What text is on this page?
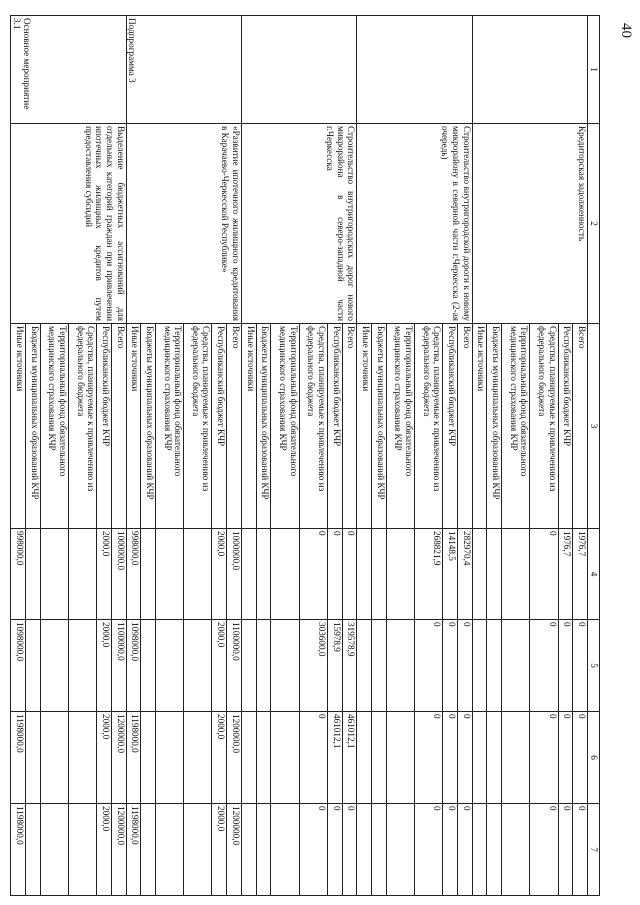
40
1	2	3	4	5	6	7
	Кредиторская задолженность	Всего	1976,7	0	0	0
		Республиканский бюджет КЧР	1976,7	0	0	0
		Средства, планируемые к привлечению из федерального бюджета	0	0	0	0
		Территориальный фонд обязательного медицинского страхования КЧР				
		Бюджеты муниципальных образований КЧР				
		Иные источники				
	Строительство внутригородской дороги к новому микрорайону в северной части г.Черкесска (2-ая очередь)	Всего	282970,4	0	0	0
		Республиканский бюджет КЧР	14148,5	0	0	0
		Средства, планируемые к привлечению из федерального бюджета	268821,9	0	0	0
		Территориальный фонд обязательного медицинского страхования КЧР				
		Бюджеты муниципальных образований КЧР				
		Иные источники				
	Строительство внутригородских дорог нового микрорайона в северо-западной части г.Черкесска	Всего	0	319578,9	461012,1	0
		Республиканский бюджет КЧР	0	15978,9	461012,1	0
		Средства, планируемые к привлечению из федерального бюджета	0	303600,0	0	0
		Территориальный фонд обязательного медицинского страхования КЧР				
		Бюджеты муниципальных образований КЧР				
		Иные источники				
Подпрограмма 3	«Развитие ипотечного жилищного кредитования в Карачаево-Черкесской Республике»	Всего	1000000,0	1100000,0	1200000,0	1200000,0
		Республиканский бюджет КЧР	2000,0	2000,0	2000,0	2000,0
		Средства, планируемые к привлечению из федерального бюджета				
		Территориальный фонд обязательного медицинского страхования КЧР				
		Бюджеты муниципальных образований КЧР				
		Иные источники	998000,0	1098000,0	1198000,0	1198000,0
Основное мероприятие 3.1	Выделение бюджетных ассигнований для отдельных категорий граждан при привлечении ипотечных жилищных кредитов путем предоставления субсидий	Всего	1000000,0	1100000,0	1200000,0	1200000,0
		Республиканский бюджет КЧР	2000,0	2000,0	2000,0	2000,0
		Средства, планируемые к привлечению из федерального бюджета				
		Территориальный фонд обязательного медицинского страхования КЧР				
		Бюджеты муниципальных образований КЧР				
		Иные источники	998000,0	1098000,0	1198000,0	1198000,0
